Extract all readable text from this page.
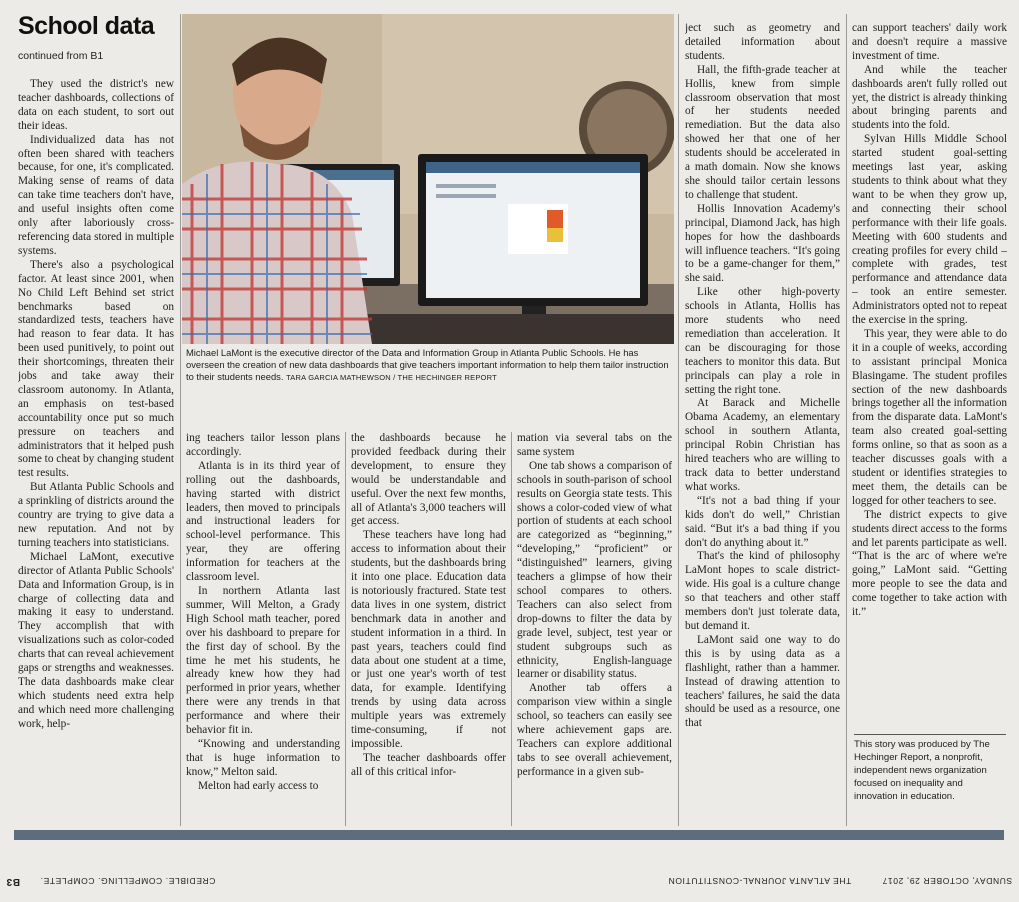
School data
continued from B1

They used the district's new teacher dashboards, collections of data on each student, to sort out their ideas.

Individualized data has not often been shared with teachers because, for one, it's complicated. Making sense of reams of data can take time teachers don't have, and useful insights often come only after laboriously cross-referencing data stored in multiple systems.

There's also a psychological factor. At least since 2001, when No Child Left Behind set strict benchmarks based on standardized tests, teachers have had reason to fear data. It has been used punitively, to point out their shortcomings, threaten their jobs and take away their classroom autonomy. In Atlanta, an emphasis on test-based accountability once put so much pressure on teachers and administrators that it helped push some to cheat by changing student test results.

But Atlanta Public Schools and a sprinkling of districts around the country are trying to give data a new reputation. And not by turning teachers into statisticians.

Michael LaMont, executive director of Atlanta Public Schools' Data and Information Group, is in charge of collecting data and making it easy to understand. They accomplish that with visualizations such as color-coded charts that can reveal achievement gaps or strengths and weaknesses. The data dashboards make clear which students need extra help and which need more challenging work, help-

Michael LaMont is the executive director of the Data and Information Group in Atlanta Public Schools. He has overseen the creation of new data dashboards that give teachers important information to help them tailor instruction to their students needs. TARA GARCIA MATHEWSON / THE HECHINGER REPORT

ing teachers tailor lesson plans accordingly.

Atlanta is in its third year of rolling out the dashboards, having started with district leaders, then moved to principals and instructional leaders for school-level performance. This year, they are offering information for teachers at the classroom level.

In northern Atlanta last summer, Will Melton, a Grady High School math teacher, pored over his dashboard to prepare for the first day of school. By the time he met his students, he already knew how they had performed in prior years, whether there were any trends in that performance and where their behavior fit in.

“Knowing and understanding that is huge information to know,” Melton said.

Melton had early access to

the dashboards because he provided feedback during their development, to ensure they would be understandable and useful. Over the next few months, all of Atlanta's 3,000 teachers will get access.

These teachers have long had access to information about their students, but the dashboards bring it into one place. Education data is notoriously fractured. State test data lives in one system, district benchmark data in another and student information in a third. In past years, teachers could find data about one student at a time, or just one year's worth of test data, for example. Identifying trends by using data across multiple years was extremely time-consuming, if not impossible.

The teacher dashboards offer all of this critical infor-

mation via several tabs on the same system

One tab shows a comparison of schools in south-parison of school results on Georgia state tests. This shows a color-coded view of what portion of students at each school are categorized as “beginning,” “developing,” “proficient” or “distinguished” learners, giving teachers a glimpse of how their school compares to others. Teachers can also select from drop-downs to filter the data by grade level, subject, test year or student subgroups such as ethnicity, English-language learner or disability status.

Another tab offers a comparison view within a single school, so teachers can easily see where achievement gaps are. Teachers can explore additional tabs to see overall achievement, performance in a given sub-

ject such as geometry and detailed information about students.

Hall, the fifth-grade teacher at Hollis, knew from simple classroom observation that most of her students needed remediation. But the data also showed her that one of her students should be accelerated in a math domain. Now she knows she should tailor certain lessons to challenge that student.

Hollis Innovation Academy's principal, Diamond Jack, has high hopes for how the dashboards will influence teachers. “It's going to be a game-changer for them,” she said.

Like other high-poverty schools in Atlanta, Hollis has more students who need remediation than acceleration. It can be discouraging for those teachers to monitor this data. But principals can play a role in setting the right tone.

At Barack and Michelle Obama Academy, an elementary school in southern Atlanta, principal Robin Christian has hired teachers who are willing to track data to better understand what works.

“It's not a bad thing if your kids don't do well,” Christian said. “But it's a bad thing if you don't do anything about it.”

That's the kind of philosophy LaMont hopes to scale district-wide. His goal is a culture change so that teachers and other staff members don't just tolerate data, but demand it.

LaMont said one way to do this is by using data as a flashlight, rather than a hammer. Instead of drawing attention to teachers' failures, he said the data should be used as a resource, one that

can support teachers' daily work and doesn't require a massive investment of time.

And while the teacher dashboards aren't fully rolled out yet, the district is already thinking about bringing parents and students into the fold.

Sylvan Hills Middle School started student goal-setting meetings last year, asking students to think about what they want to be when they grow up, and connecting their school performance with their life goals. Meeting with 600 students and creating profiles for every child – complete with grades, test performance and attendance data – took an entire semester. Administrators opted not to repeat the exercise in the spring.

This year, they were able to do it in a couple of weeks, according to assistant principal Monica Blasingame. The student profiles section of the new dashboards brings together all the information from the disparate data. LaMont's team also created goal-setting forms online, so that as soon as a teacher discusses goals with a student or identifies strategies to meet them, the details can be logged for other teachers to see.

The district expects to give students direct access to the forms and let parents participate as well. “That is the arc of where we're going,” LaMont said. “Getting more people to see the data and come together to take action with it.”

This story was produced by The Hechinger Report, a nonprofit, independent news organization focused on inequality and innovation in education.
B3 CREDIBLE. COMPELLING. COMPLETE.	THE ATLANTA JOURNAL-CONSTITUTION	SUNDAY, OCTOBER 29, 2017
